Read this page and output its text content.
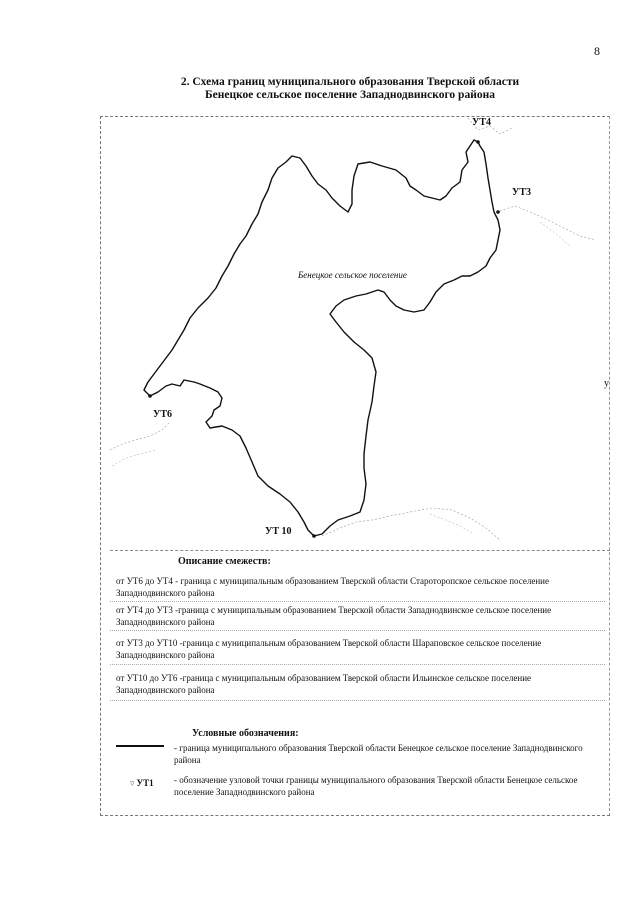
8
2. Схема границ муниципального образования Тверской области
Бенецкое сельское поселение Западнодвинского района
УТ4
УТ3
УТ6
УТ 10
Бенецкое сельское поселение
у
Описание смежеств:
от УТ6 до УТ4 - граница с муниципальным образованием Тверской области Староторопское сельское поселение Западнодвинского района
от УТ4 до УТ3 -граница с муниципальным образованием Тверской области Западнодвинское сельское поселение Западнодвинского района
от УТ3 до УТ10 -граница с муниципальным образованием Тверской области Шараповское сельское поселение Западнодвинского района
от УТ10 до УТ6 -граница с муниципальным образованием Тверской области Ильинское сельское поселение Западнодвинского района
Условные обозначения:
- граница муниципального образования Тверской области Бенецкое сельское поселение Западнодвинского района
▿ УТ1 - обозначение узловой точки границы муниципального образования Тверской области Бенецкое сельское поселение Западнодвинского района
